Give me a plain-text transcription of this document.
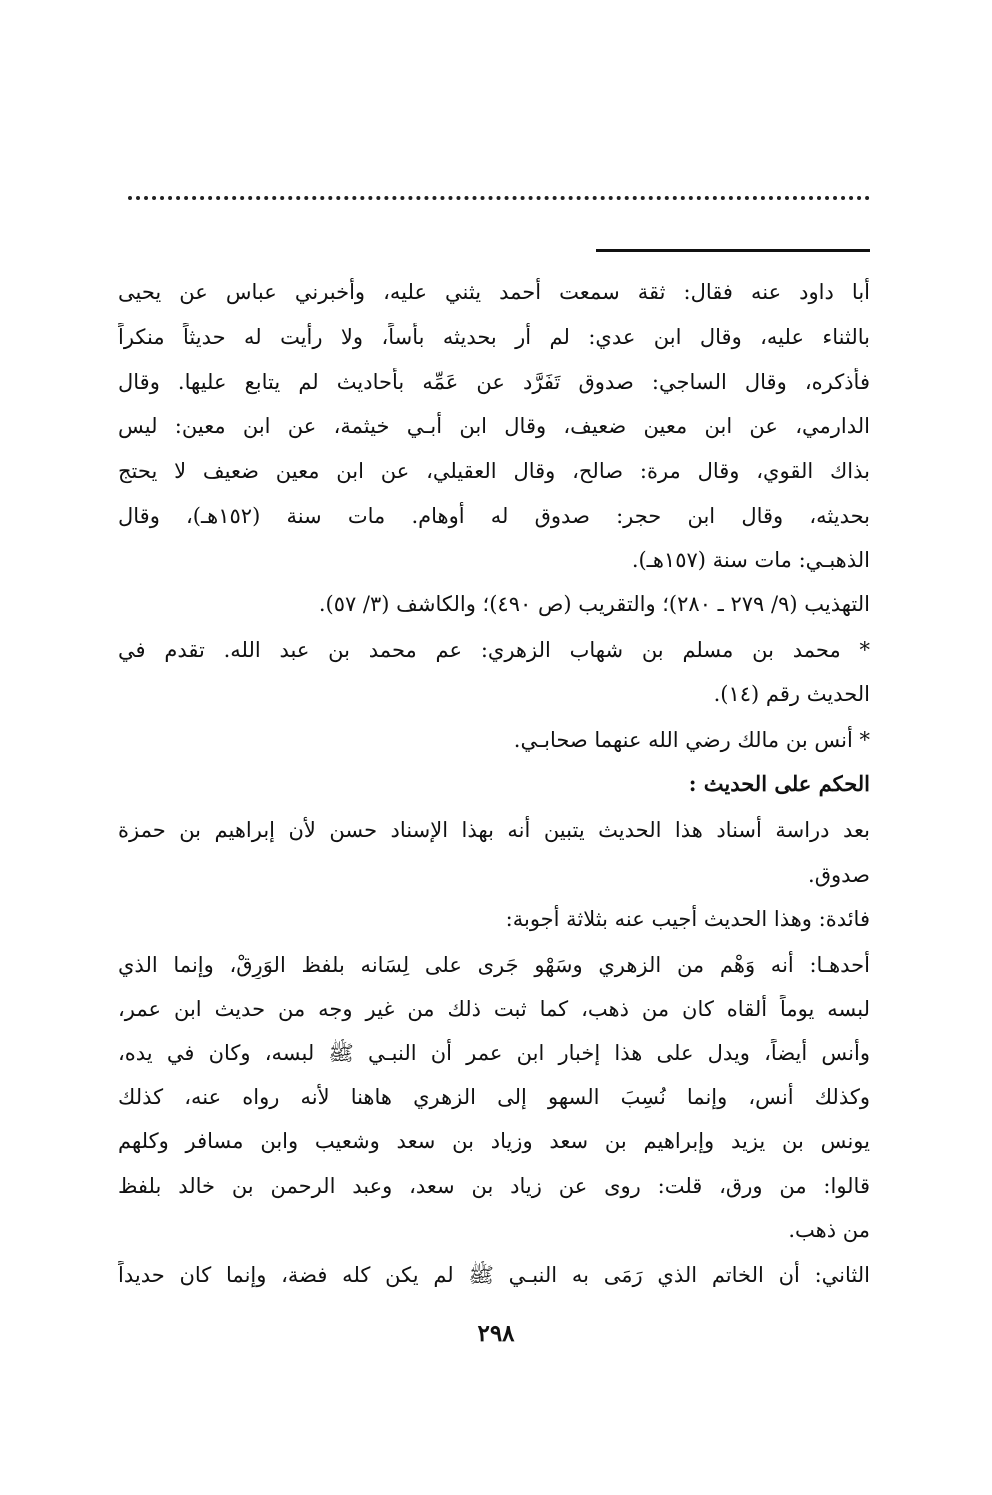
أبا داود عنه فقال: ثقة سمعت أحمد يثني عليه، وأخبرني عباس عن يحيى
بالثناء عليه، وقال ابن عدي: لم أر بحديثه بأساً، ولا رأيت له حديثاً منكراً
فأذكره، وقال الساجي: صدوق تَفَرَّد عن عَمِّه بأحاديث لم يتابع عليها. وقال
الدارمي، عن ابن معين ضعيف، وقال ابن أبـي خيثمة، عن ابن معين: ليس
بذاك القوي، وقال مرة: صالح، وقال العقيلي، عن ابن معين ضعيف لا يحتج
بحديثه، وقال ابن حجر: صدوق له أوهام. مات سنة (١٥٢هـ)، وقال
الذهبـي: مات سنة (١٥٧هـ).
التهذيب (٩/ ٢٧٩ ـ ٢٨٠)؛ والتقريب (ص ٤٩٠)؛ والكاشف (٣/ ٥٧).
* محمد بن مسلم بن شهاب الزهري: عم محمد بن عبد الله. تقدم في
الحديث رقم (١٤).
* أنس بن مالك رضي الله عنهما صحابـي.
الحكم على الحديث :
بعد دراسة أسناد هذا الحديث يتبين أنه بهذا الإسناد حسن لأن إبراهيم بن حمزة
صدوق.
فائدة: وهذا الحديث أُجيب عنه بثلاثة أجوبة:
أحدهـا: أنه وَهْم من الزهري وسَهْو جَرى على لِسَانه بلفظ الوَرِقْ، وإنما الذي
لبسه يوماً ألقاه كان من ذهب، كما ثبت ذلك من غير وجه من حديث ابن عمر،
وأنس أيضاً، ويدل على هذا إخبار ابن عمر أن النبـي ﷺ لبسه، وكان في يده،
وكذلك أنس، وإنما نُسِبَ السهو إلى الزهري هاهنا لأنه رواه عنه، كذلك
يونس بن يزيد وإبراهيم بن سعد وزياد بن سعد وشعيب وابن مسافر وكلهم
قالوا: من ورق، قلت: روى عن زياد بن سعد، وعبد الرحمن بن خالد بلفظ
من ذهب.
الثاني: أن الخاتم الذي رَمَى به النبـي ﷺ لم يكن كله فضة، وإنما كان حديداً
٢٩٨
